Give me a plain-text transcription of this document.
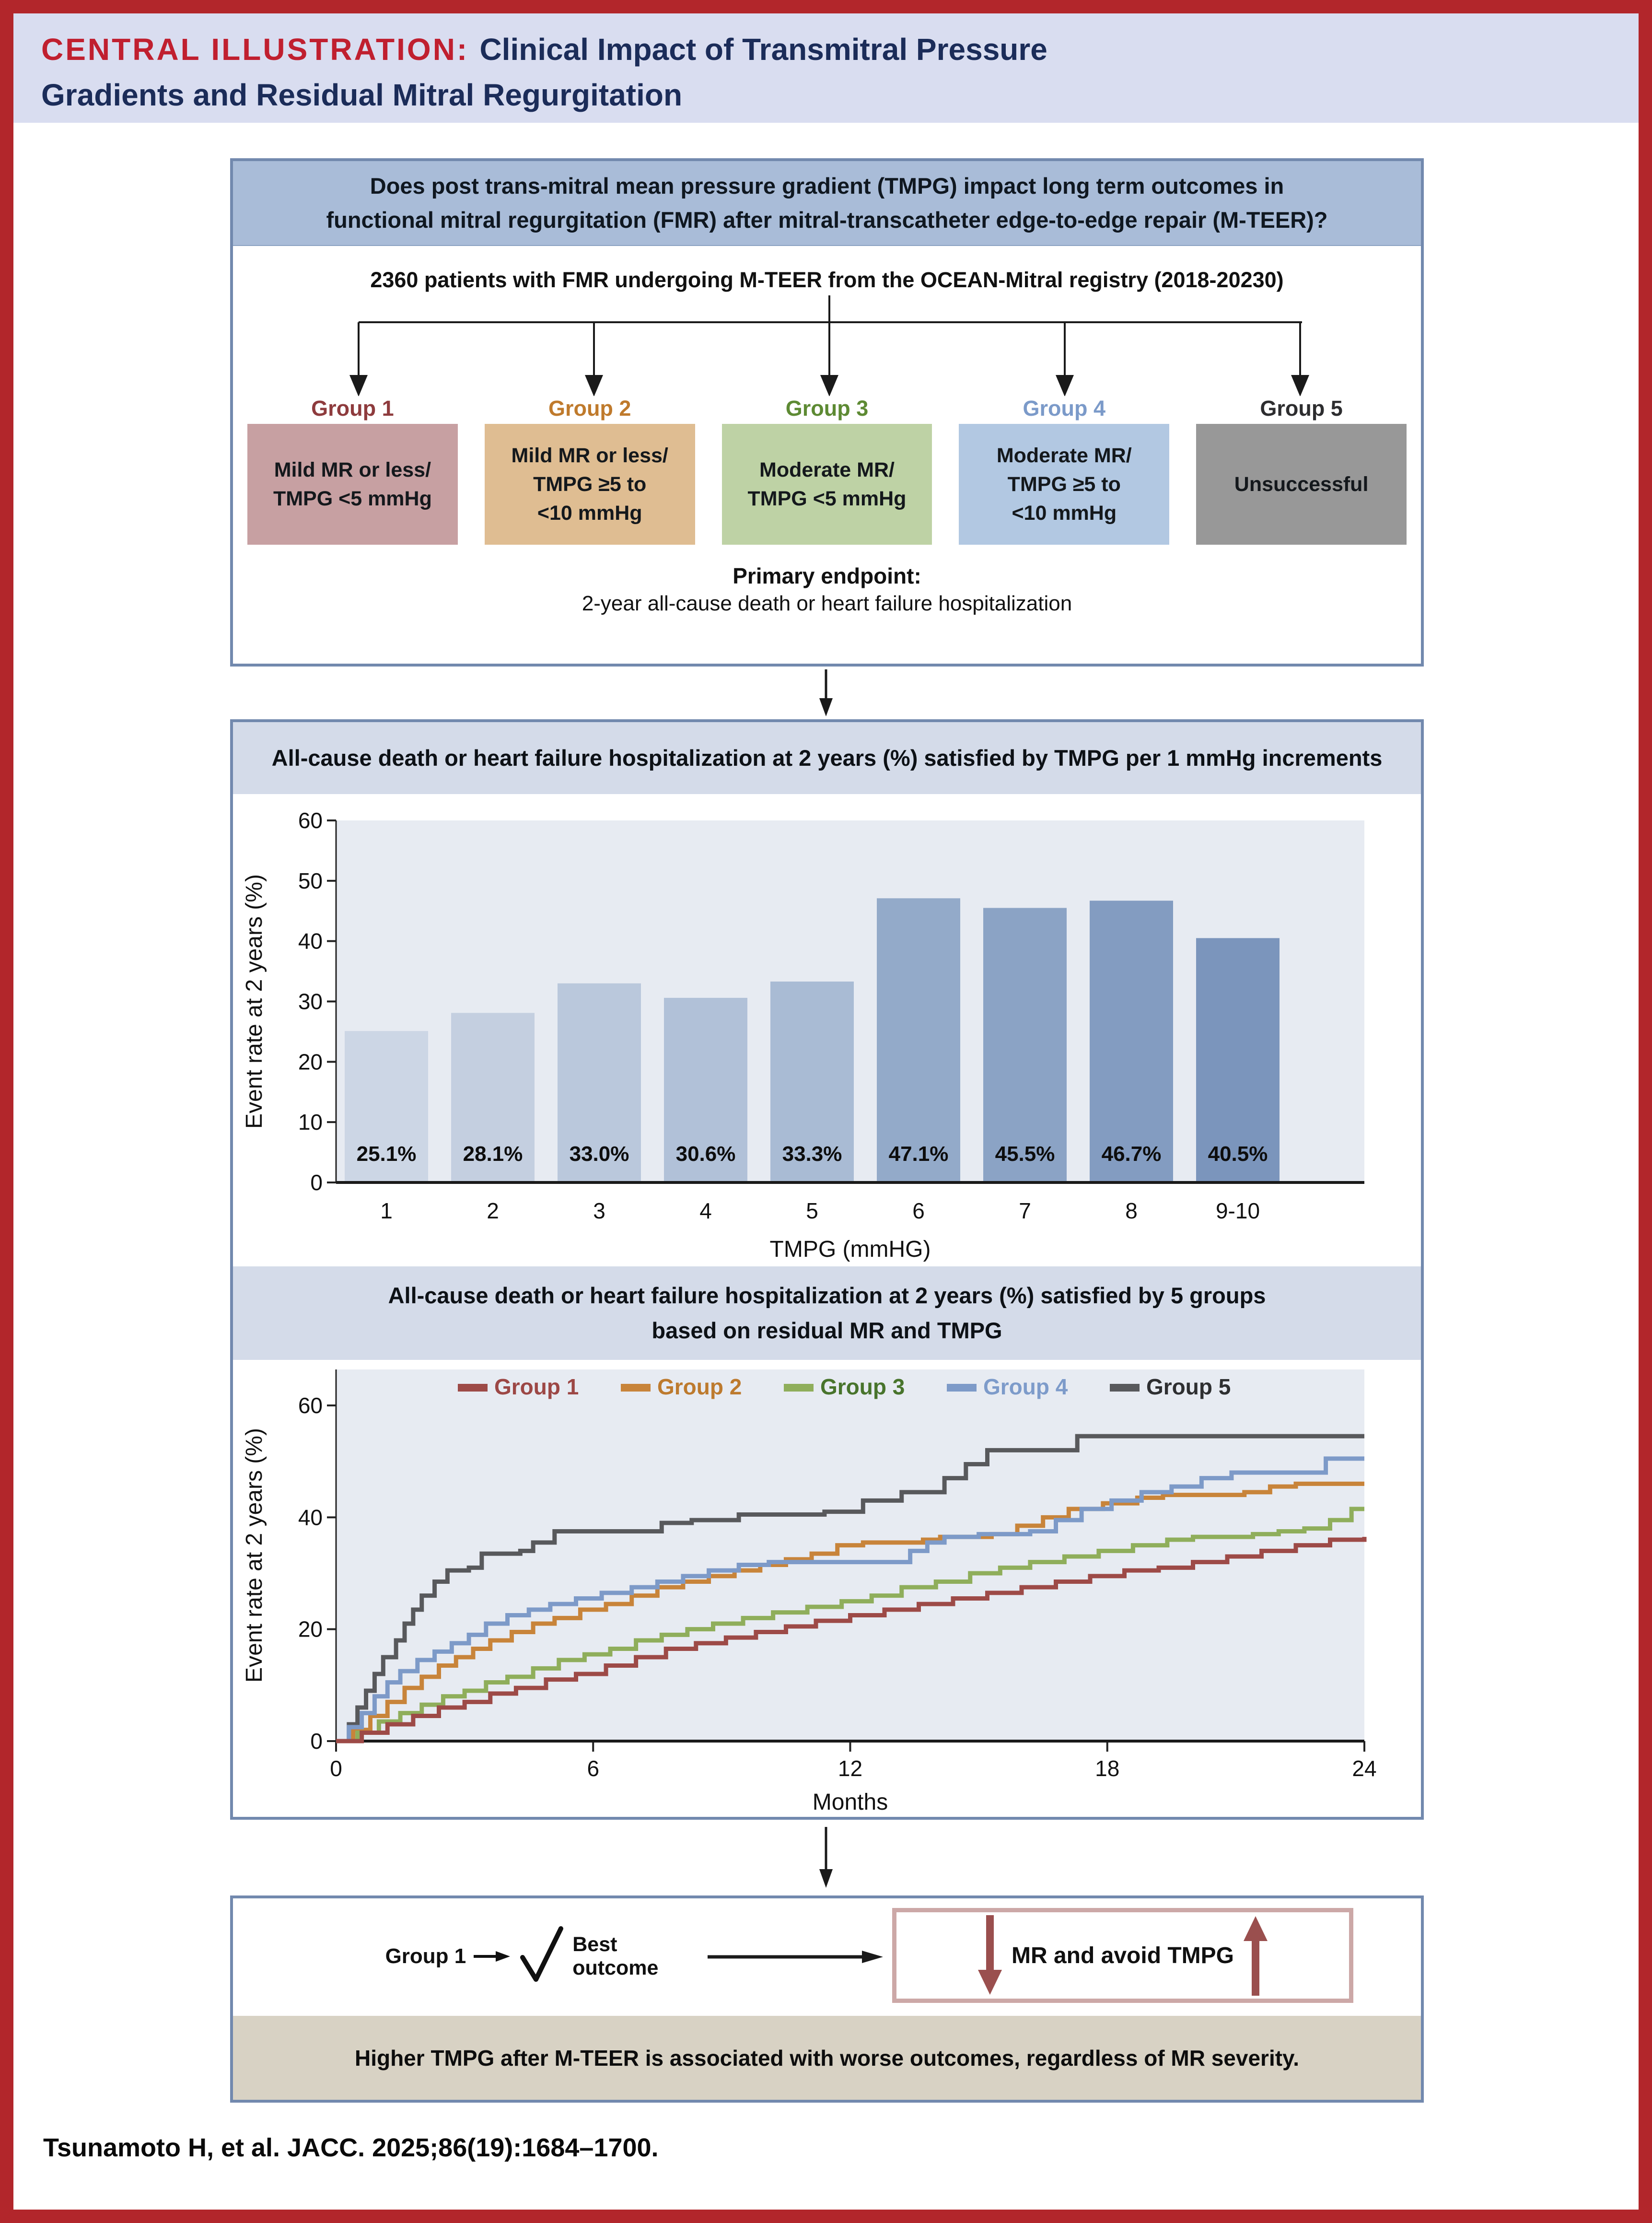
CENTRAL ILLUSTRATION: Clinical Impact of Transmitral Pressure
Gradients and Residual Mitral Regurgitation
Does post trans-mitral mean pressure gradient (TMPG) impact long term outcomes in functional mitral regurgitation (FMR) after mitral-transcatheter edge-to-edge repair (M-TEER)?
2360 patients with FMR undergoing M-TEER from the OCEAN-Mitral registry (2018-20230)
Group 1
Mild MR or less/
TMPG <5 mmHg
Group 2
Mild MR or less/
TMPG ≥5 to
<10 mmHg
Group 3
Moderate MR/
TMPG <5 mmHg
Group 4
Moderate MR/
TMPG ≥5 to
<10 mmHg
Group 5
Unsuccessful
Primary endpoint:
2-year all-cause death or heart failure hospitalization
All-cause death or heart failure hospitalization at 2 years (%) satisfied by TMPG per 1 mmHg increments
0
10
20
30
40
50
60
Event rate at 2 years (%)
25.1%
1
28.1%
2
33.0%
3
30.6%
4
33.3%
5
47.1%
6
45.5%
7
46.7%
8
40.5%
9-10
TMPG (mmHG)
All-cause death or heart failure hospitalization at 2 years (%) satisfied by 5 groups
based on residual MR and TMPG
Group 1	Group 2	Group 3	Group 4	Group 5
0
20
40
60
Event rate at 2 years (%)
0	6	12	18	24
Months
Group 1
Best
outcome	MR and avoid TMPG
Higher TMPG after M-TEER is associated with worse outcomes, regardless of MR severity.
Tsunamoto H, et al. JACC. 2025;86(19):1684–1700.
